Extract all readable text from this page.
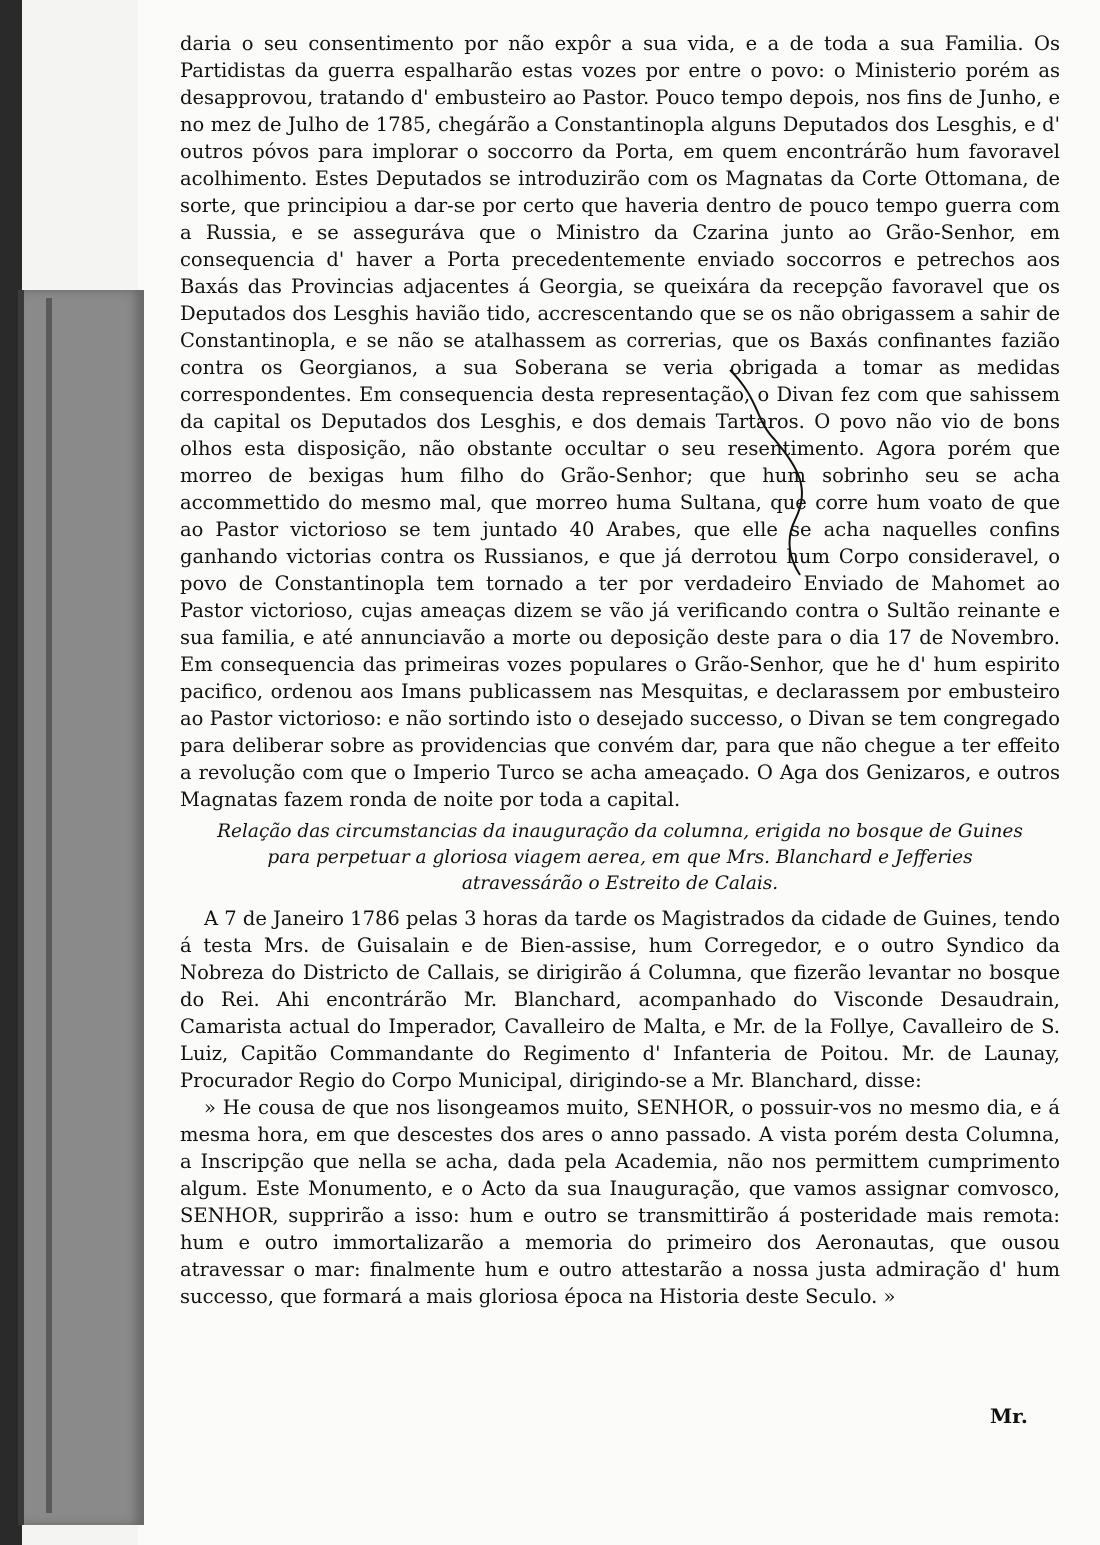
daria o seu consentimento por não expôr a sua vida, e a de toda a sua Familia. Os Partidistas da guerra espalharão estas vozes por entre o povo: o Ministerio porém as desapprovou, tratando d' embusteiro ao Pastor. Pouco tempo depois, nos fins de Junho, e no mez de Julho de 1785, chegárão a Constantinopla alguns Deputados dos Lesghis, e d' outros póvos para implorar o soccorro da Porta, em quem encontrárão hum favoravel acolhimento. Estes Deputados se introduzirão com os Magnatas da Corte Ottomana, de sorte, que principiou a dar-se por certo que haveria dentro de pouco tempo guerra com a Russia, e se asseguráva que o Ministro da Czarina junto ao Grão-Senhor, em consequencia d' haver a Porta precedentemente enviado soccorros e petrechos aos Baxás das Provincias adjacentes á Georgia, se queixára da recepção favoravel que os Deputados dos Lesghis havião tido, accrescentando que se os não obrigassem a sahir de Constantinopla, e se não se atalhassem as correrias, que os Baxás confinantes fazião contra os Georgianos, a sua Soberana se veria obrigada a tomar as medidas correspondentes. Em consequencia desta representação, o Divan fez com que sahissem da capital os Deputados dos Lesghis, e dos demais Tartaros. O povo não vio de bons olhos esta disposição, não obstante occultar o seu resentimento. Agora porém que morreo de bexigas hum filho do Grão-Senhor; que hum sobrinho seu se acha accommettido do mesmo mal, que morreo huma Sultana, que corre hum voato de que ao Pastor victorioso se tem juntado 40 Arabes, que elle se acha naquelles confins ganhando victorias contra os Russianos, e que já derrotou hum Corpo consideravel, o povo de Constantinopla tem tornado a ter por verdadeiro Enviado de Mahomet ao Pastor victorioso, cujas ameaças dizem se vão já verificando contra o Sultão reinante e sua familia, e até annunciavão a morte ou deposição deste para o dia 17 de Novembro. Em consequencia das primeiras vozes populares o Grão-Senhor, que he d' hum espirito pacifico, ordenou aos Imans publicassem nas Mesquitas, e declarassem por embusteiro ao Pastor victorioso: e não sortindo isto o desejado successo, o Divan se tem congregado para deliberar sobre as providencias que convém dar, para que não chegue a ter effeito a revolução com que o Imperio Turco se acha ameaçado. O Aga dos Genizaros, e outros Magnatas fazem ronda de noite por toda a capital.

Relação das circumstancias da inauguração da columna, erigida no bosque de Guines
para perpetuar a gloriosa viagem aerea, em que Mrs. Blanchard e Jefferies
atravessárão o Estreito de Calais.

A 7 de Janeiro 1786 pelas 3 horas da tarde os Magistrados da cidade de Guines, tendo á testa Mrs. de Guisalain e de Bien-assise, hum Corregedor, e o outro Syndico da Nobreza do Districto de Callais, se dirigirão á Columna, que fizerão levantar no bosque do Rei. Ahi encontrárão Mr. Blanchard, acompanhado do Visconde Desaudrain, Camarista actual do Imperador, Cavalleiro de Malta, e Mr. de la Follye, Cavalleiro de S. Luiz, Capitão Commandante do Regimento d' Infanteria de Poitou. Mr. de Launay, Procurador Regio do Corpo Municipal, dirigindo-se a Mr. Blanchard, disse:

» He cousa de que nos lisongeamos muito, SENHOR, o possuir-vos no mesmo dia, e á mesma hora, em que descestes dos ares o anno passado. A vista porém desta Columna, a Inscripção que nella se acha, dada pela Academia, não nos permittem cumprimento algum. Este Monumento, e o Acto da sua Inauguração, que vamos assignar comvosco, SENHOR, supprirão a isso: hum e outro se transmittirão á posteridade mais remota: hum e outro immortalizarão a memoria do primeiro dos Aeronautas, que ousou atravessar o mar: finalmente hum e outro attestarão a nossa justa admiração d' hum successo, que formará a mais gloriosa época na Historia deste Seculo. »

Mr.
